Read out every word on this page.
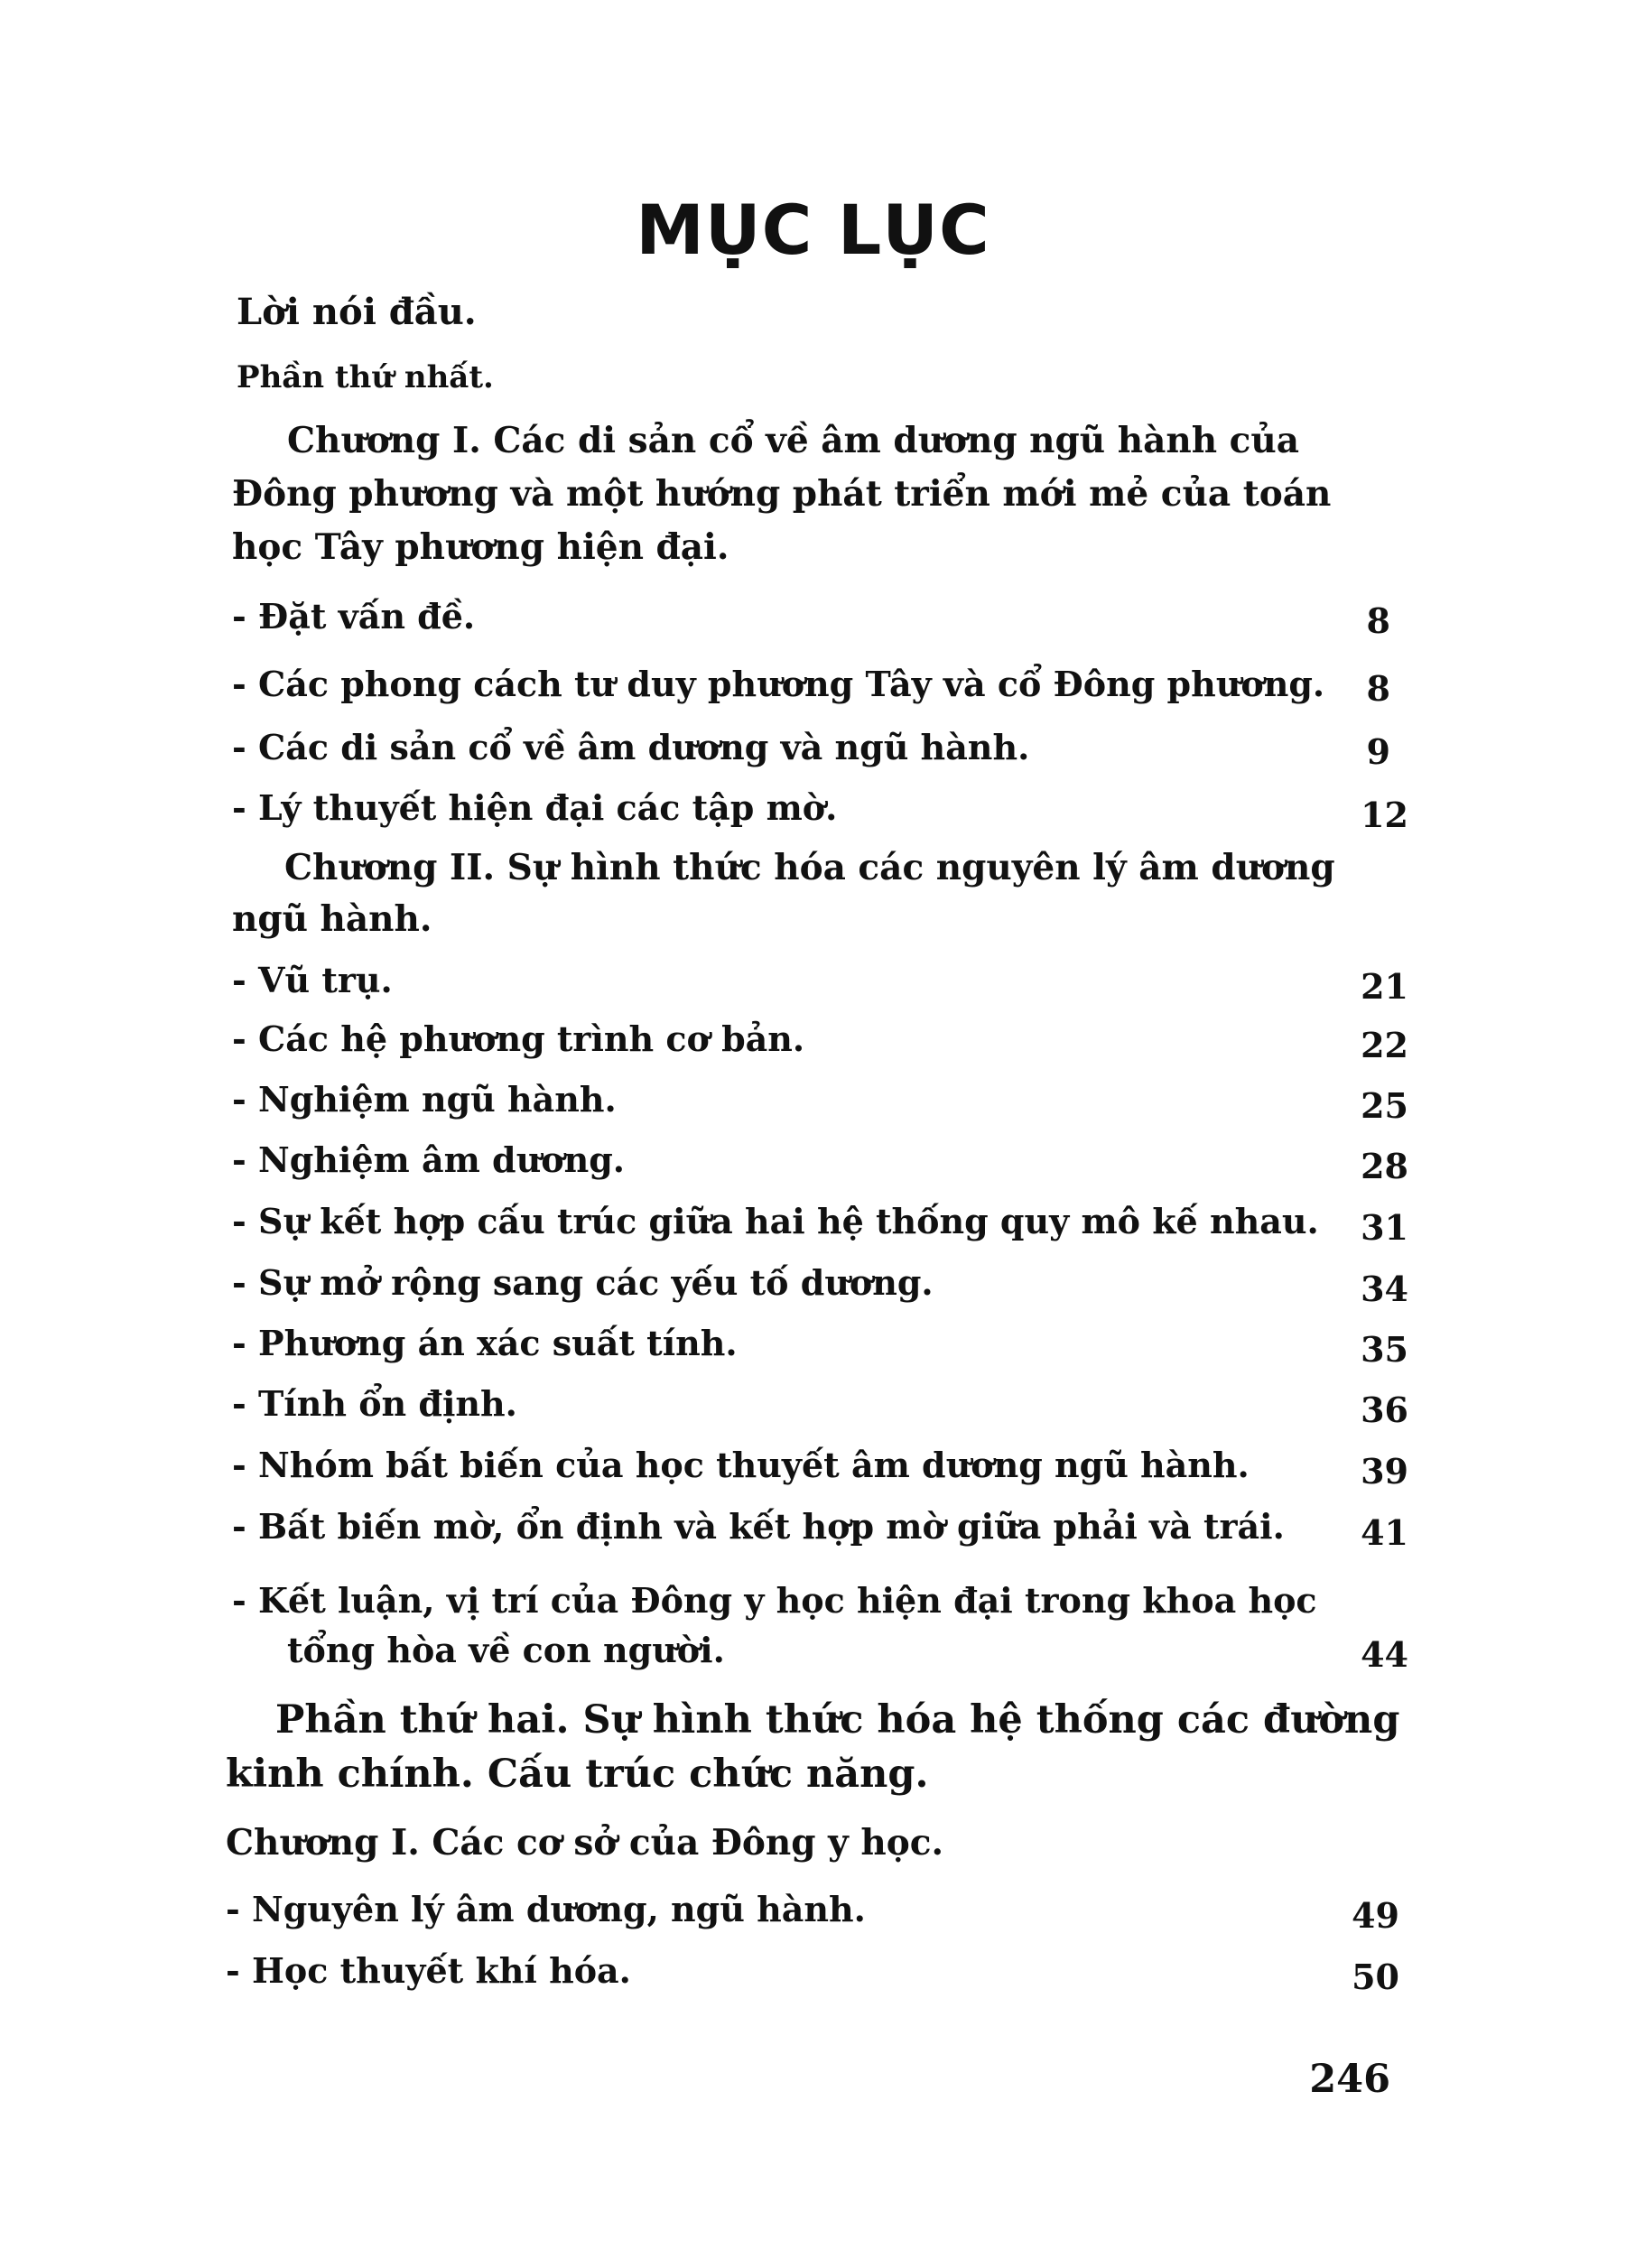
MỤC LỤC
Lời nói đầu.
Phần thứ nhất.
Chương I. Các di sản cổ về âm dương ngũ hành của
Đông phương và một hướng phát triển mới mẻ của toán
học Tây phương hiện đại.
- Đặt vấn đề.	8
- Các phong cách tư duy phương Tây và cổ Đông phương.	8
- Các di sản cổ về âm dương và ngũ hành.	9
- Lý thuyết hiện đại các tập mờ.	12
Chương II. Sự hình thức hóa các nguyên lý âm dương
ngũ hành.
- Vũ trụ.	21
- Các hệ phương trình cơ bản.	22
- Nghiệm ngũ hành.	25
- Nghiệm âm dương.	28
- Sự kết hợp cấu trúc giữa hai hệ thống quy mô kế nhau.	31
- Sự mở rộng sang các yếu tố dương.	34
- Phương án xác suất tính.	35
- Tính ổn định.	36
- Nhóm bất biến của học thuyết âm dương ngũ hành.	39
- Bất biến mờ, ổn định và kết hợp mờ giữa phải và trái.	41
- Kết luận, vị trí của Đông y học hiện đại trong khoa học
tổng hòa về con người.	44
Phần thứ hai. Sự hình thức hóa hệ thống các đường
kinh chính. Cấu trúc chức năng.
Chương I. Các cơ sở của Đông y học.
- Nguyên lý âm dương, ngũ hành.	49
- Học thuyết khí hóa.	50
246
